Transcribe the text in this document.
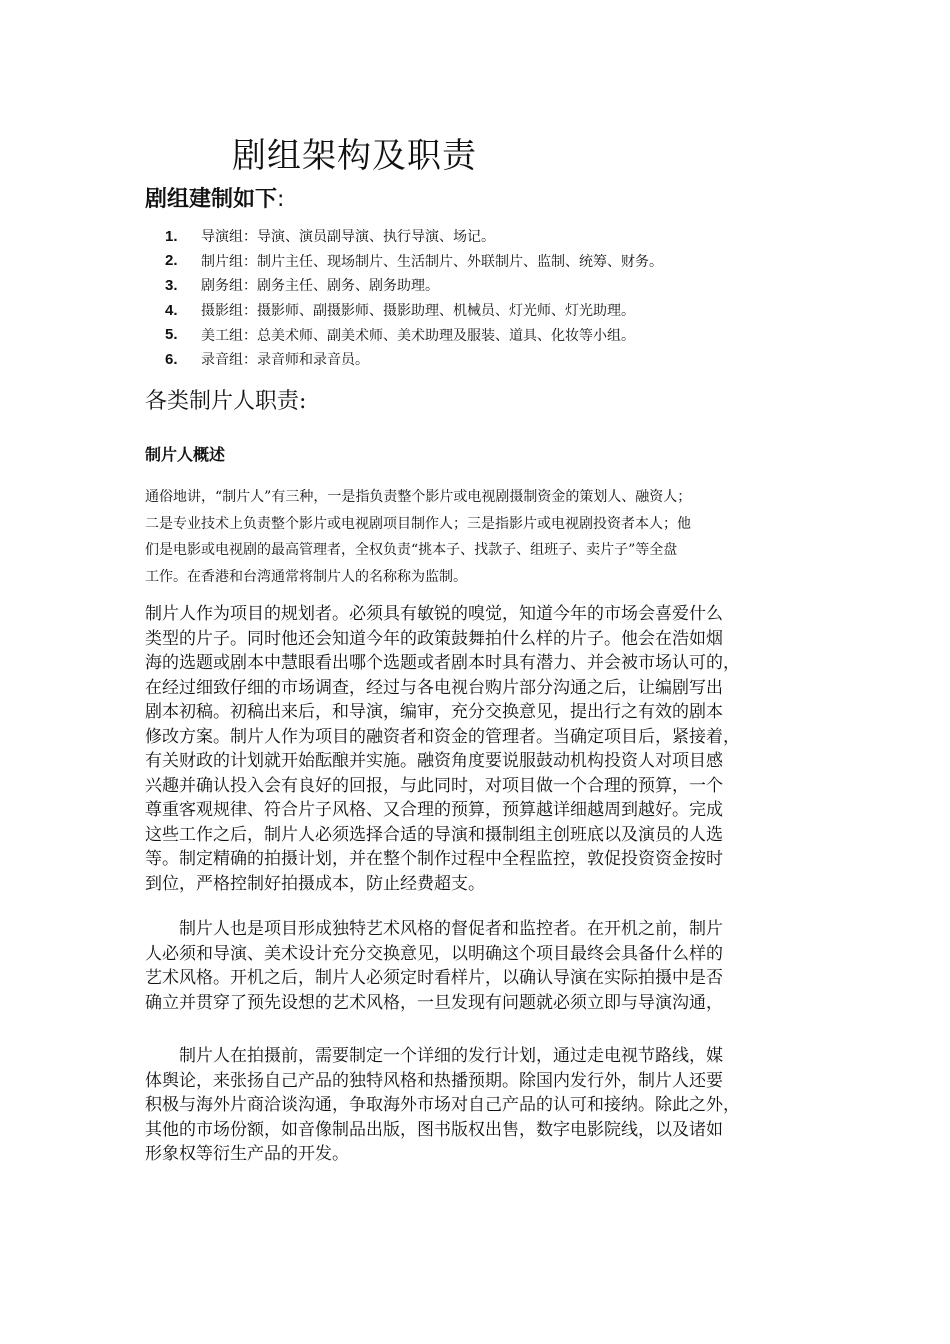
剧组架构及职责
剧组建制如下:
1.	导演组：导演、演员副导演、执行导演、场记。
2.	制片组：制片主任、现场制片、生活制片、外联制片、监制、统筹、财务。
3.	剧务组：剧务主任、剧务、剧务助理。
4.	摄影组：摄影师、副摄影师、摄影助理、机械员、灯光师、灯光助理。
5.	美工组：总美术师、副美术师、美术助理及服装、道具、化妆等小组。
6.	录音组：录音师和录音员。
各类制片人职责:
制片人概述
通俗地讲，“制片人”有三种，一是指负责整个影片或电视剧摄制资金的策划人、融资人；
二是专业技术上负责整个影片或电视剧项目制作人；三是指影片或电视剧投资者本人；他
们是电影或电视剧的最高管理者，全权负责“挑本子、找款子、组班子、卖片子”等全盘
工作。在香港和台湾通常将制片人的名称称为监制。
制片人作为项目的规划者。必须具有敏锐的嗅觉，知道今年的市场会喜爱什么
类型的片子。同时他还会知道今年的政策鼓舞拍什么样的片子。他会在浩如烟
海的选题或剧本中慧眼看出哪个选题或者剧本时具有潜力、并会被市场认可的，
在经过细致仔细的市场调查，经过与各电视台购片部分沟通之后，让编剧写出
剧本初稿。初稿出来后，和导演，编审，充分交换意见，提出行之有效的剧本
修改方案。制片人作为项目的融资者和资金的管理者。当确定项目后，紧接着，
有关财政的计划就开始酝酿并实施。融资角度要说服鼓动机构投资人对项目感
兴趣并确认投入会有良好的回报，与此同时，对项目做一个合理的预算，一个
尊重客观规律、符合片子风格、又合理的预算，预算越详细越周到越好。完成
这些工作之后，制片人必须选择合适的导演和摄制组主创班底以及演员的人选
等。制定精确的拍摄计划，并在整个制作过程中全程监控，敦促投资资金按时
到位，严格控制好拍摄成本，防止经费超支。
　　制片人也是项目形成独特艺术风格的督促者和监控者。在开机之前，制片
人必须和导演、美术设计充分交换意见，以明确这个项目最终会具备什么样的
艺术风格。开机之后，制片人必须定时看样片，以确认导演在实际拍摄中是否
确立并贯穿了预先设想的艺术风格，一旦发现有问题就必须立即与导演沟通，
　　制片人在拍摄前，需要制定一个详细的发行计划，通过走电视节路线，媒
体舆论，来张扬自己产品的独特风格和热播预期。除国内发行外，制片人还要
积极与海外片商洽谈沟通，争取海外市场对自己产品的认可和接纳。除此之外，
其他的市场份额，如音像制品出版，图书版权出售，数字电影院线，以及诸如
形象权等衍生产品的开发。
